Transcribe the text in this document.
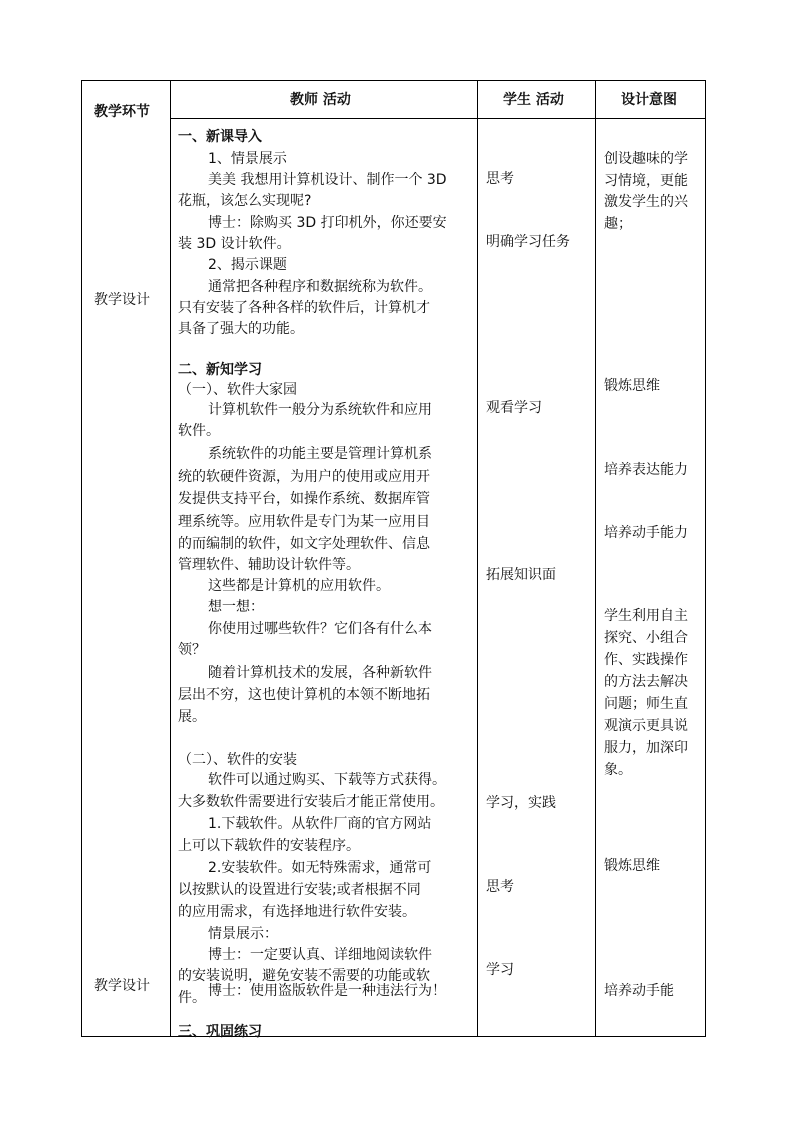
教学环节
教师 活动	学生 活动	设计意图
教学设计
教学设计
一、新课导入
1、情景展示
美美 我想用计算机设计、制作一个 3D
花瓶，该怎么实现呢?
博士：除购买 3D 打印机外，你还要安
装 3D 设计软件。
2、揭示课题
通常把各种程序和数据统称为软件。
只有安装了各种各样的软件后，计算机才
具备了强大的功能。
二、新知学习
（一）、软件大家园
计算机软件一般分为系统软件和应用
软件。
系统软件的功能主要是管理计算机系
统的软硬件资源，为用户的使用或应用开
发提供支持平台，如操作系统、数据库管
理系统等。应用软件是专门为某一应用目
的而编制的软件，如文字处理软件、信息
管理软件、辅助设计软件等。
这些都是计算机的应用软件。
想一想：
你使用过哪些软件？它们各有什么本
领？
随着计算机技术的发展，各种新软件
层出不穷，这也使计算机的本领不断地拓
展。
（二）、软件的安装
软件可以通过购买、下载等方式获得。
大多数软件需要进行安装后才能正常使用。
1.下载软件。从软件厂商的官方网站
上可以下载软件的安装程序。
2.安装软件。如无特殊需求，通常可
以按默认的设置进行安装;或者根据不同
的应用需求，有选择地进行软件安装。
情景展示：
博士：一定要认真、详细地阅读软件
的安装说明，避免安装不需要的功能或软
件。 博士：使用盗版软件是一种违法行为！
三、巩固练习
思考
明确学习任务
观看学习
拓展知识面
学习，实践
思考
学习
创设趣味的学
习情境，更能
激发学生的兴
趣；
锻炼思维
培养表达能力
培养动手能力
学生利用自主
探究、小组合
作、实践操作
的方法去解决
问题；师生直
观演示更具说
服力，加深印
象。
锻炼思维
培养动手能
